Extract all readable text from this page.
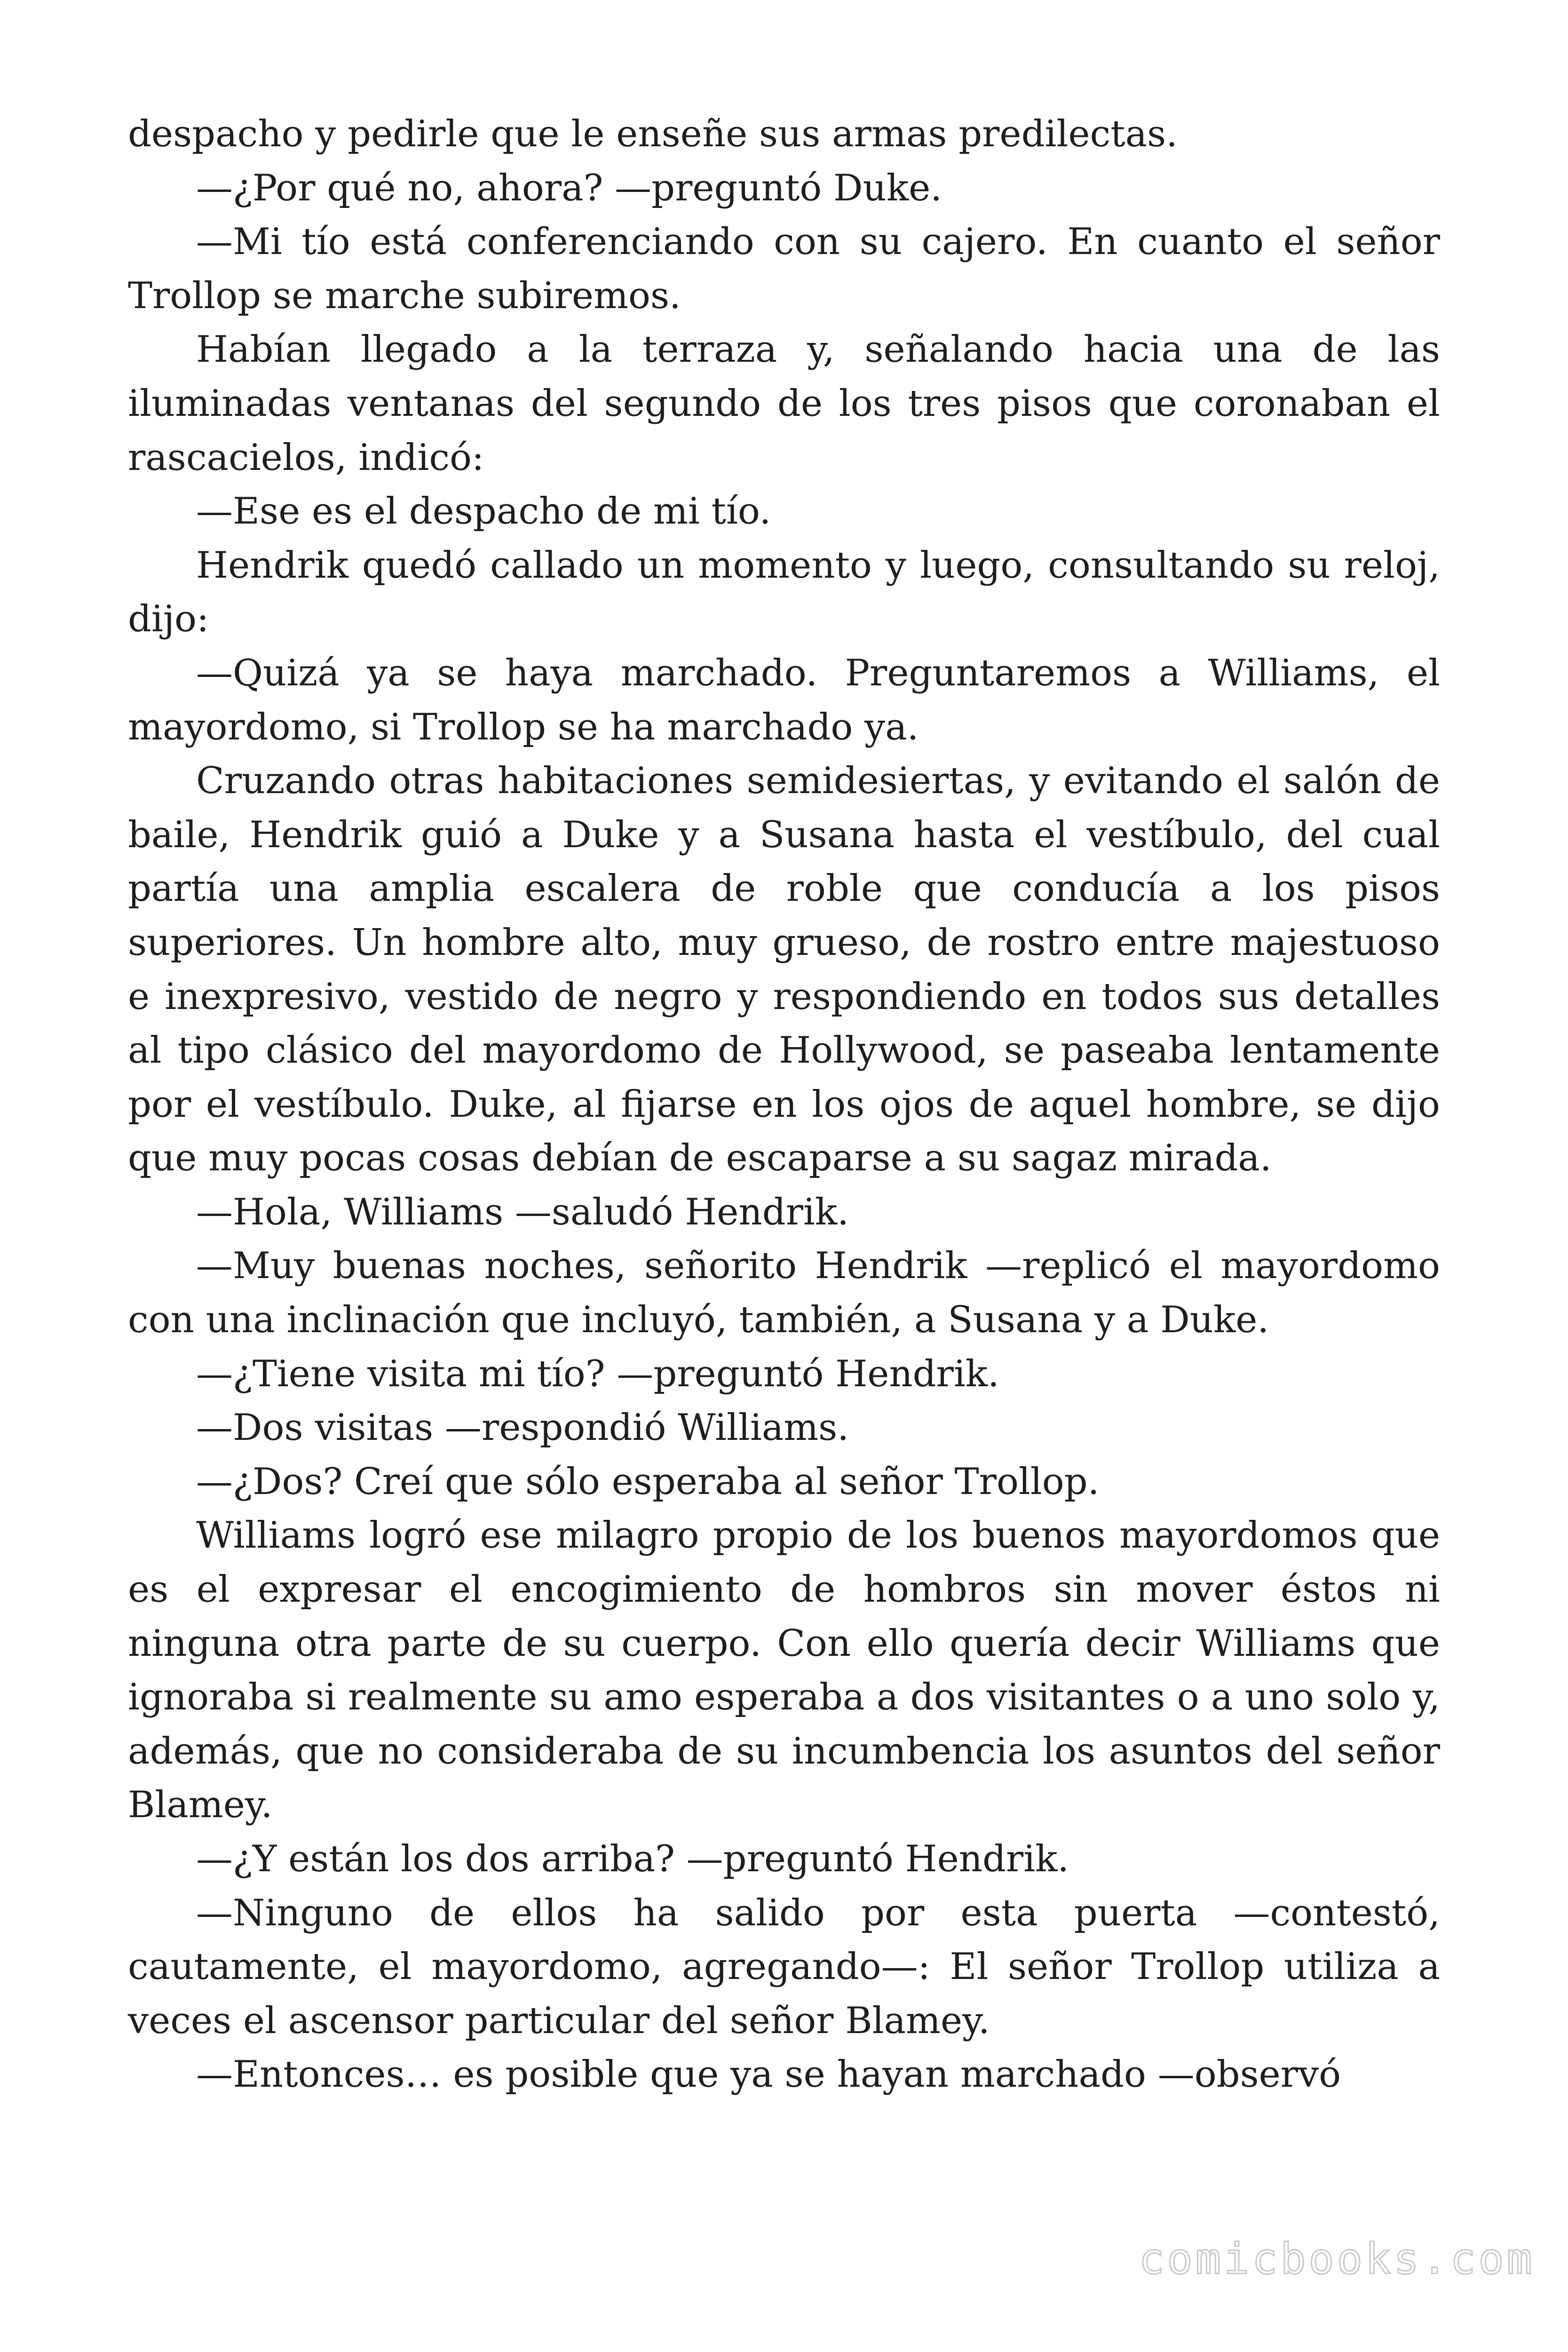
despacho y pedirle que le enseñe sus armas predilectas.

—¿Por qué no, ahora? —preguntó Duke.

—Mi tío está conferenciando con su cajero. En cuanto el señor Trollop se marche subiremos.

Habían llegado a la terraza y, señalando hacia una de las iluminadas ventanas del segundo de los tres pisos que coronaban el rascacielos, indicó:

—Ese es el despacho de mi tío.

Hendrik quedó callado un momento y luego, consultando su reloj, dijo:

—Quizá ya se haya marchado. Preguntaremos a Williams, el mayordomo, si Trollop se ha marchado ya.

Cruzando otras habitaciones semidesiertas, y evitando el salón de baile, Hendrik guió a Duke y a Susana hasta el vestíbulo, del cual partía una amplia escalera de roble que conducía a los pisos superiores. Un hombre alto, muy grueso, de rostro entre majestuoso e inexpresivo, vestido de negro y respondiendo en todos sus detalles al tipo clásico del mayordomo de Hollywood, se paseaba lentamente por el vestíbulo. Duke, al fijarse en los ojos de aquel hombre, se dijo que muy pocas cosas debían de escaparse a su sagaz mirada.

—Hola, Williams —saludó Hendrik.

—Muy buenas noches, señorito Hendrik —replicó el mayordomo con una inclinación que incluyó, también, a Susana y a Duke.

—¿Tiene visita mi tío? —preguntó Hendrik.

—Dos visitas —respondió Williams.

—¿Dos? Creí que sólo esperaba al señor Trollop.

Williams logró ese milagro propio de los buenos mayordomos que es el expresar el encogimiento de hombros sin mover éstos ni ninguna otra parte de su cuerpo. Con ello quería decir Williams que ignoraba si realmente su amo esperaba a dos visitantes o a uno solo y, además, que no consideraba de su incumbencia los asuntos del señor Blamey.

—¿Y están los dos arriba? —preguntó Hendrik.

—Ninguno de ellos ha salido por esta puerta —contestó, cautamente, el mayordomo, agregando—: El señor Trollop utiliza a veces el ascensor particular del señor Blamey.

—Entonces… es posible que ya se hayan marchado —observó

comicbooks.com
